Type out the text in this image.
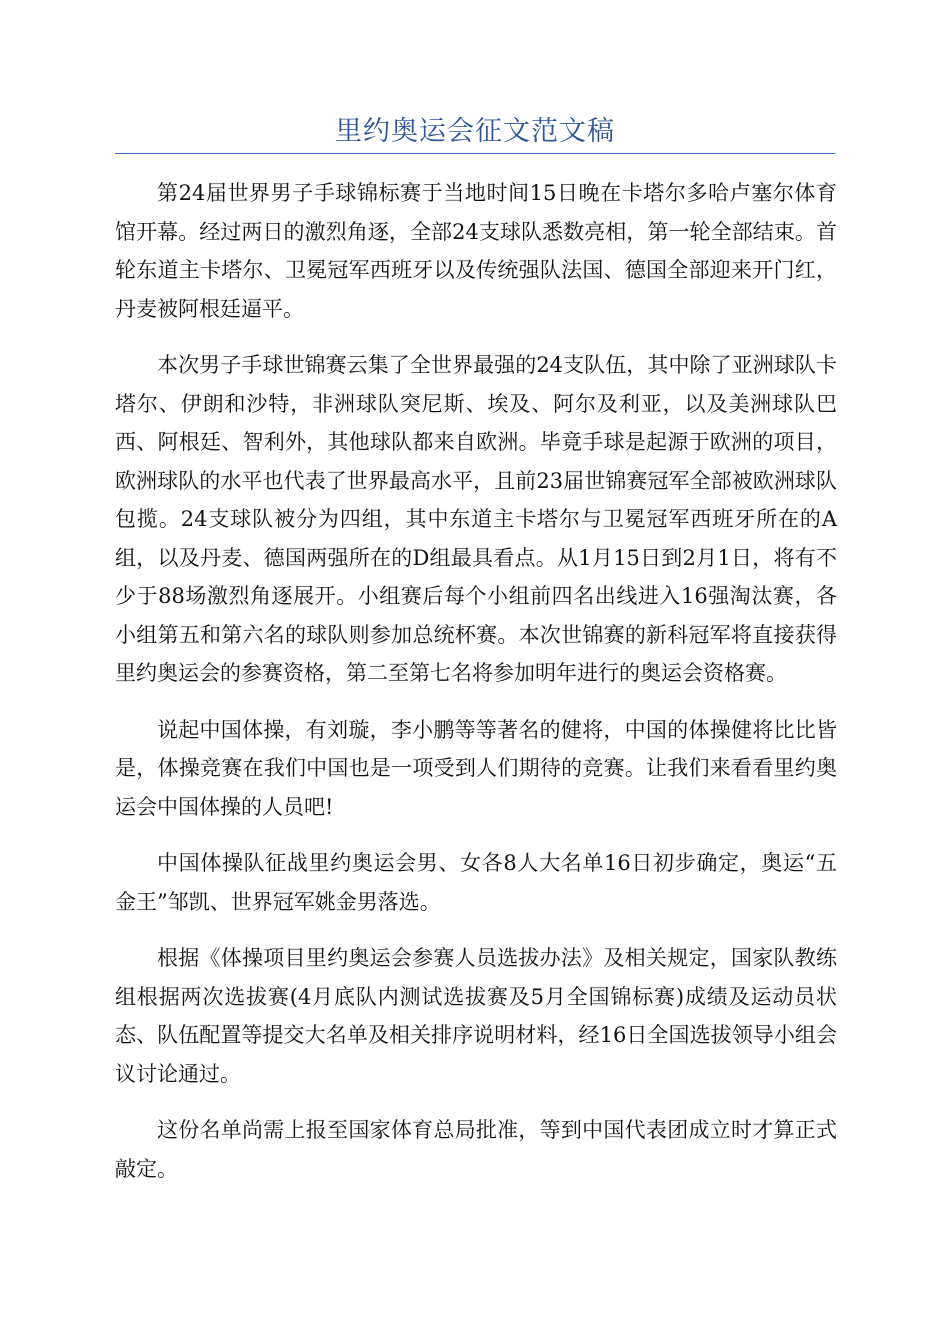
里约奥运会征文范文稿

第24届世界男子手球锦标赛于当地时间15日晚在卡塔尔多哈卢塞尔体育馆开幕。经过两日的激烈角逐，全部24支球队悉数亮相，第一轮全部结束。首轮东道主卡塔尔、卫冕冠军西班牙以及传统强队法国、德国全部迎来开门红，丹麦被阿根廷逼平。

本次男子手球世锦赛云集了全世界最强的24支队伍，其中除了亚洲球队卡塔尔、伊朗和沙特，非洲球队突尼斯、埃及、阿尔及利亚，以及美洲球队巴西、阿根廷、智利外，其他球队都来自欧洲。毕竟手球是起源于欧洲的项目，欧洲球队的水平也代表了世界最高水平，且前23届世锦赛冠军全部被欧洲球队包揽。24支球队被分为四组，其中东道主卡塔尔与卫冕冠军西班牙所在的A组，以及丹麦、德国两强所在的D组最具看点。从1月15日到2月1日，将有不少于88场激烈角逐展开。小组赛后每个小组前四名出线进入16强淘汰赛，各小组第五和第六名的球队则参加总统杯赛。本次世锦赛的新科冠军将直接获得里约奥运会的参赛资格，第二至第七名将参加明年进行的奥运会资格赛。

说起中国体操，有刘璇，李小鹏等等著名的健将，中国的体操健将比比皆是，体操竞赛在我们中国也是一项受到人们期待的竞赛。让我们来看看里约奥运会中国体操的人员吧!

中国体操队征战里约奥运会男、女各8人大名单16日初步确定，奥运“五金王”邹凯、世界冠军姚金男落选。

根据《体操项目里约奥运会参赛人员选拔办法》及相关规定，国家队教练组根据两次选拔赛(4月底队内测试选拔赛及5月全国锦标赛)成绩及运动员状态、队伍配置等提交大名单及相关排序说明材料，经16日全国选拔领导小组会议讨论通过。

这份名单尚需上报至国家体育总局批准，等到中国代表团成立时才算正式敲定。
